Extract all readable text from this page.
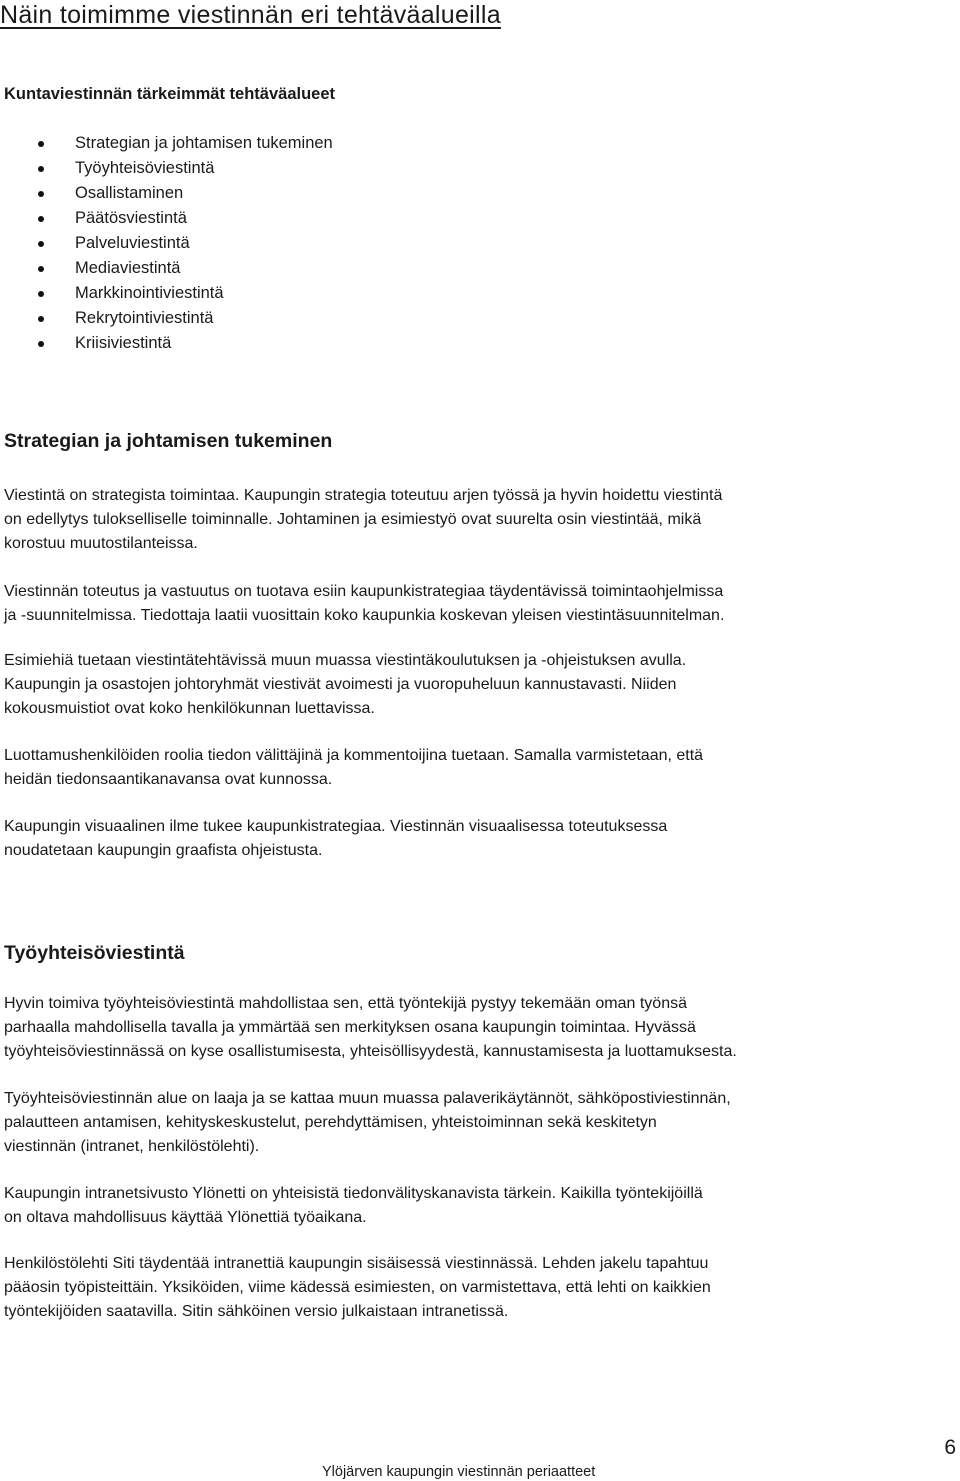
Näin toimimme viestinnän eri tehtäväalueilla
Kuntaviestinnän tärkeimmät tehtäväalueet
Strategian ja johtamisen tukeminen
Työyhteisöviestintä
Osallistaminen
Päätösviestintä
Palveluviestintä
Mediaviestintä
Markkinointiviestintä
Rekrytointiviestintä
Kriisiviestintä
Strategian ja johtamisen tukeminen

Viestintä on strategista toimintaa. Kaupungin strategia toteutuu arjen työssä ja hyvin hoidettu viestintä
on edellytys tulokselliselle toiminnalle. Johtaminen ja esimiestyö ovat suurelta osin viestintää, mikä
korostuu muutostilanteissa.

Viestinnän toteutus ja vastuutus on tuotava esiin kaupunkistrategiaa täydentävissä toimintaohjelmissa
ja -suunnitelmissa. Tiedottaja laatii vuosittain koko kaupunkia koskevan yleisen viestintäsuunnitelman.

Esimiehiä tuetaan viestintätehtävissä muun muassa viestintäkoulutuksen ja -ohjeistuksen avulla.
Kaupungin ja osastojen johtoryhmät viestivät avoimesti ja vuoropuheluun kannustavasti. Niiden
kokousmuistiot ovat koko henkilökunnan luettavissa.

Luottamushenkilöiden roolia tiedon välittäjinä ja kommentoijina tuetaan. Samalla varmistetaan, että
heidän tiedonsaantikanavansa ovat kunnossa.

Kaupungin visuaalinen ilme tukee kaupunkistrategiaa. Viestinnän visuaalisessa toteutuksessa
noudatetaan kaupungin graafista ohjeistusta.

Työyhteisöviestintä

Hyvin toimiva työyhteisöviestintä mahdollistaa sen, että työntekijä pystyy tekemään oman työnsä
parhaalla mahdollisella tavalla ja ymmärtää sen merkityksen osana kaupungin toimintaa. Hyvässä
työyhteisöviestinnässä on kyse osallistumisesta, yhteisöllisyydestä, kannustamisesta ja luottamuksesta.

Työyhteisöviestinnän alue on laaja ja se kattaa muun muassa palaverikäytännöt, sähköpostiviestinnän,
palautteen antamisen, kehityskeskustelut, perehdyttämisen, yhteistoiminnan sekä keskitetyn
viestinnän (intranet, henkilöstölehti).

Kaupungin intranetsivusto Ylönetti on yhteisistä tiedonvälityskanavista tärkein. Kaikilla työntekijöillä
on oltava mahdollisuus käyttää Ylönettiä työaikana.

Henkilöstölehti Siti täydentää intranettiä kaupungin sisäisessä viestinnässä. Lehden jakelu tapahtuu
pääosin työpisteittäin. Yksiköiden, viime kädessä esimiesten, on varmistettava, että lehti on kaikkien
työntekijöiden saatavilla. Sitin sähköinen versio julkaistaan intranetissä.

6

Ylöjärven kaupungin viestinnän periaatteet
